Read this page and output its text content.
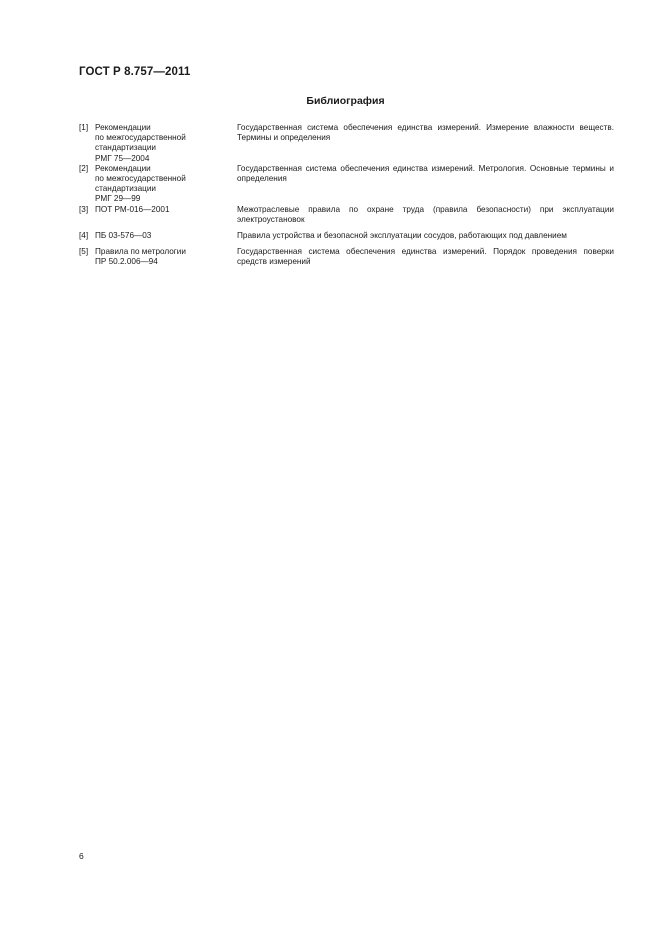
ГОСТ Р 8.757—2011
Библиография
[1] Рекомендации
по межгосударственной
стандартизации
РМГ 75—2004
Государственная система обеспечения единства измерений. Измерение влажности веществ. Термины и определения
[2] Рекомендации
по межгосударственной
стандартизации
РМГ 29—99
Государственная система обеспечения единства измерений. Метрология. Основные термины и определения
[3] ПОТ РМ-016—2001	Межотраслевые правила по охране труда (правила безопасности) при эксплуатации электроустановок
[4] ПБ 03-576—03	Правила устройства и безопасной эксплуатации сосудов, работающих под давлением
[5] Правила по метрологии
ПР 50.2.006—94
Государственная система обеспечения единства измерений. Порядок проведения поверки средств измерений
6
